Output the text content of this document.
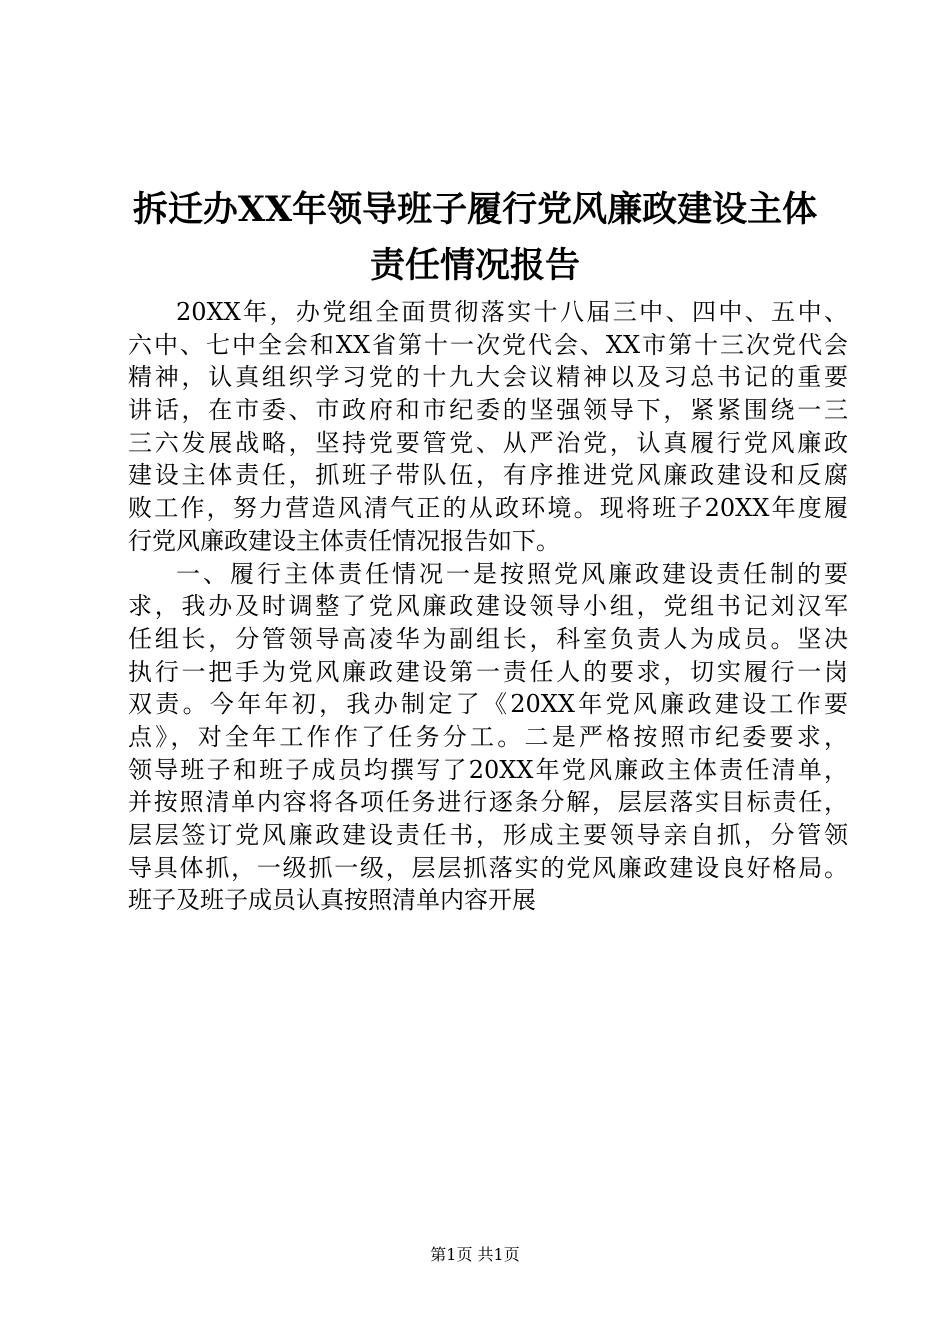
拆迁办XX年领导班子履行党风廉政建设主体
责任情况报告
20XX年，办党组全面贯彻落实十八届三中、四中、五中、
六中、七中全会和XX省第十一次党代会、XX市第十三次党代会
精神，认真组织学习党的十九大会议精神以及习总书记的重要
讲话，在市委、市政府和市纪委的坚强领导下，紧紧围绕一三
三六发展战略，坚持党要管党、从严治党，认真履行党风廉政
建设主体责任，抓班子带队伍，有序推进党风廉政建设和反腐
败工作，努力营造风清气正的从政环境。现将班子20XX年度履
行党风廉政建设主体责任情况报告如下。
一、履行主体责任情况一是按照党风廉政建设责任制的要
求，我办及时调整了党风廉政建设领导小组，党组书记刘汉军
任组长，分管领导高凌华为副组长，科室负责人为成员。坚决
执行一把手为党风廉政建设第一责任人的要求，切实履行一岗
双责。今年年初，我办制定了《20XX年党风廉政建设工作要
点》，对全年工作作了任务分工。二是严格按照市纪委要求，
领导班子和班子成员均撰写了20XX年党风廉政主体责任清单，
并按照清单内容将各项任务进行逐条分解，层层落实目标责任，
层层签订党风廉政建设责任书，形成主要领导亲自抓，分管领
导具体抓，一级抓一级，层层抓落实的党风廉政建设良好格局。
班子及班子成员认真按照清单内容开展
第1页 共1页
